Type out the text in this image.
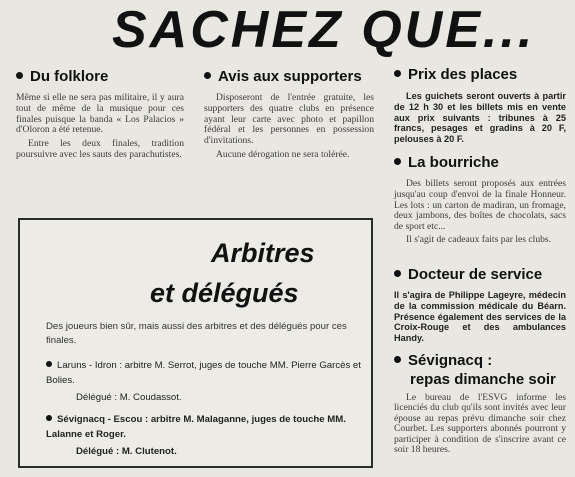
SACHEZ QUE...
Du folklore

Même si elle ne sera pas militaire, il y aura tout de même de la musique pour ces finales puisque la banda « Los Palacios » d'Oloron a été retenue.

Entre les deux finales, tradition poursuivre avec les sauts des parachutistes.

Avis aux supporters

Disposeront de l'entrée gratuite, les supporters des quatre clubs en présence ayant leur carte avec photo et papillon fédéral et les personnes en possession d'invitations.

Aucune dérogation ne sera tolérée.

Prix des places

Les guichets seront ouverts à partir de 12 h 30 et les billets mis en vente aux prix suivants : tribunes à 25 francs, pesages et gradins à 20 F, pelouses à 20 F.

La bourriche

Des billets seront proposés aux entrées jusqu'au coup d'envoi de la finale Honneur. Les lots : un carton de madiran, un fromage, deux jambons, des boîtes de chocolats, sacs de sport etc...

Il s'agit de cadeaux faits par les clubs.

Docteur de service

Il s'agira de Philippe Lageyre, médecin de la commission médicale du Béarn. Présence également des services de la Croix-Rouge et des ambulances Handy.

Sévignacq :
repas dimanche soir

Le bureau de l'ESVG informe les licenciés du club qu'ils sont invités avec leur épouse au repas prévu dimanche soir chez Courbet. Les supporters abonnés pourront y participer à condition de s'inscrire avant ce soir 18 heures.

Arbitres
et délégués
Des joueurs bien sûr, mais aussi des arbitres et des délégués pour ces finales.
Laruns - Idron : arbitre M. Serrot, juges de touche MM. Pierre Garcès et Bolies.
Délégué : M. Coudassot.
Sévignacq - Escou : arbitre M. Malaganne, juges de touche MM. Lalanne et Roger.
Délégué : M. Clutenot.
